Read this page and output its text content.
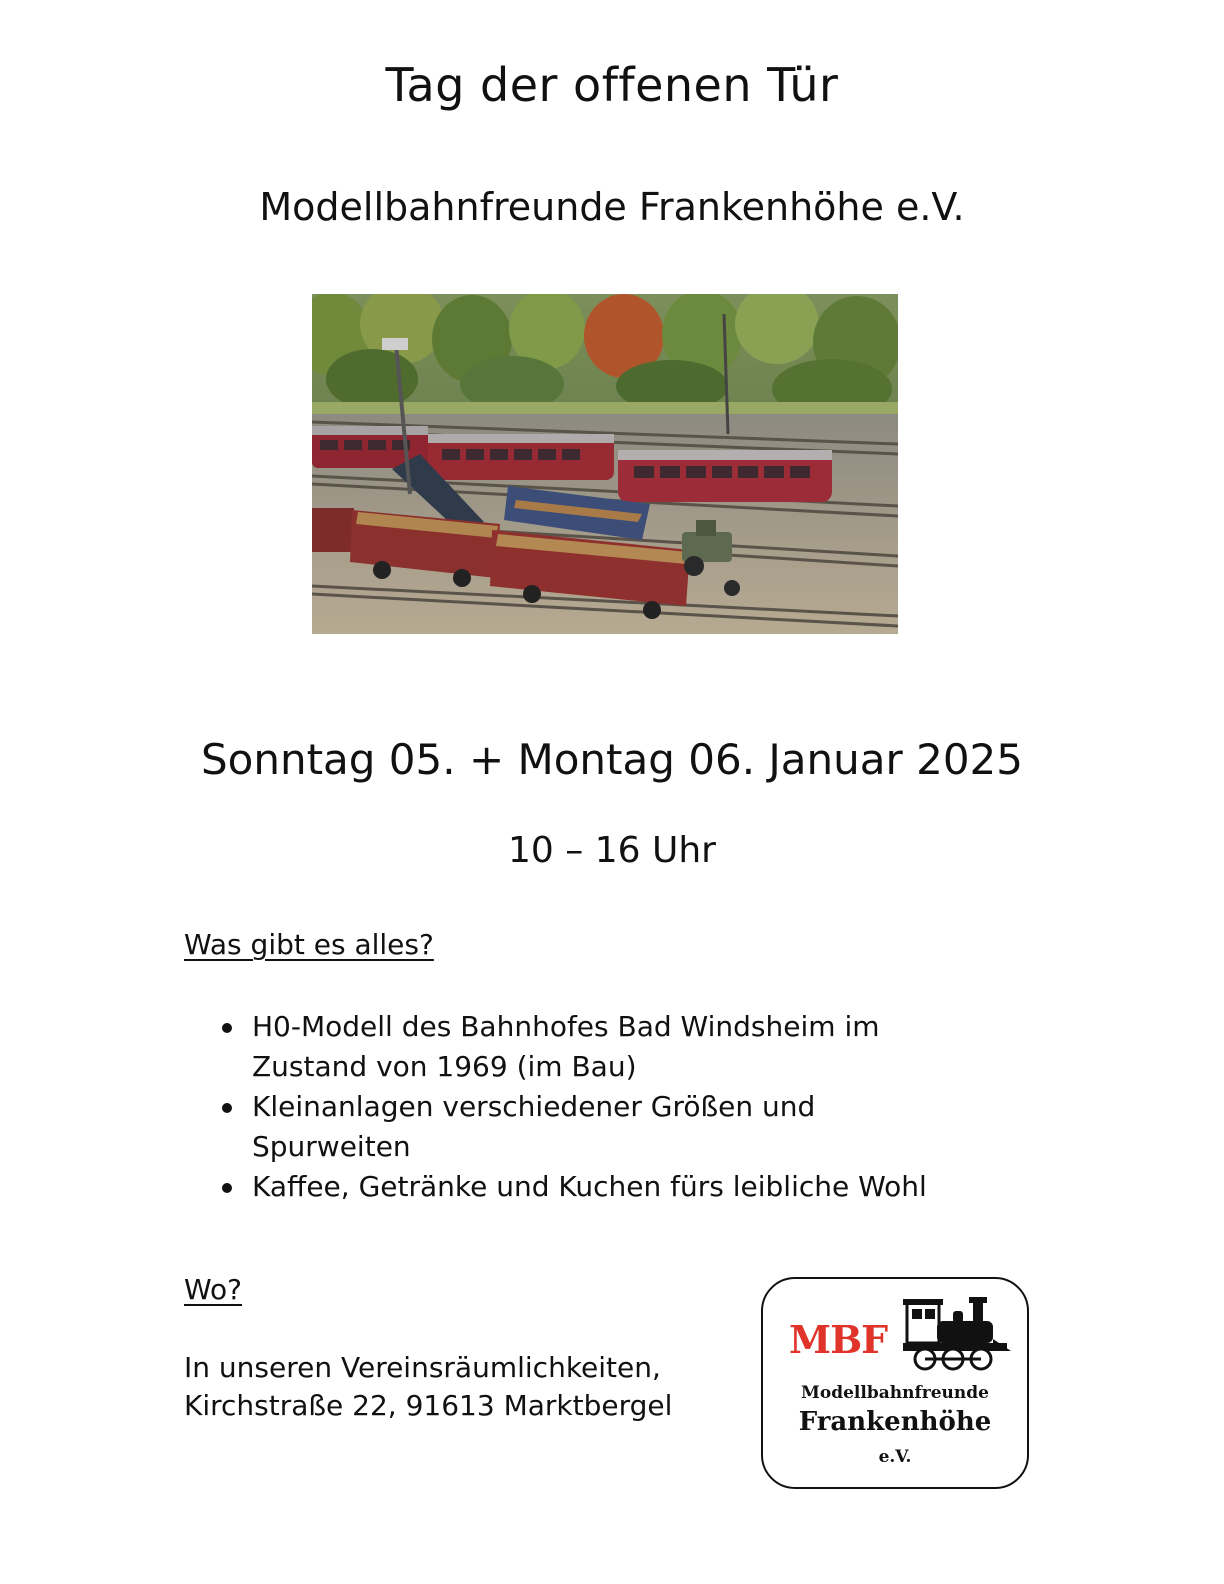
Tag der offenen Tür
Modellbahnfreunde Frankenhöhe e.V.
Sonntag 05. + Montag 06. Januar 2025
10 – 16 Uhr
Was gibt es alles?
H0-Modell des Bahnhofes Bad Windsheim im
Zustand von 1969 (im Bau)
Kleinanlagen verschiedener Größen und
Spurweiten
Kaffee, Getränke und Kuchen fürs leibliche Wohl
Wo?
In unseren Vereinsräumlichkeiten,
Kirchstraße 22, 91613 Marktbergel
MBF
Modellbahnfreunde
Frankenhöhe
e.V.
